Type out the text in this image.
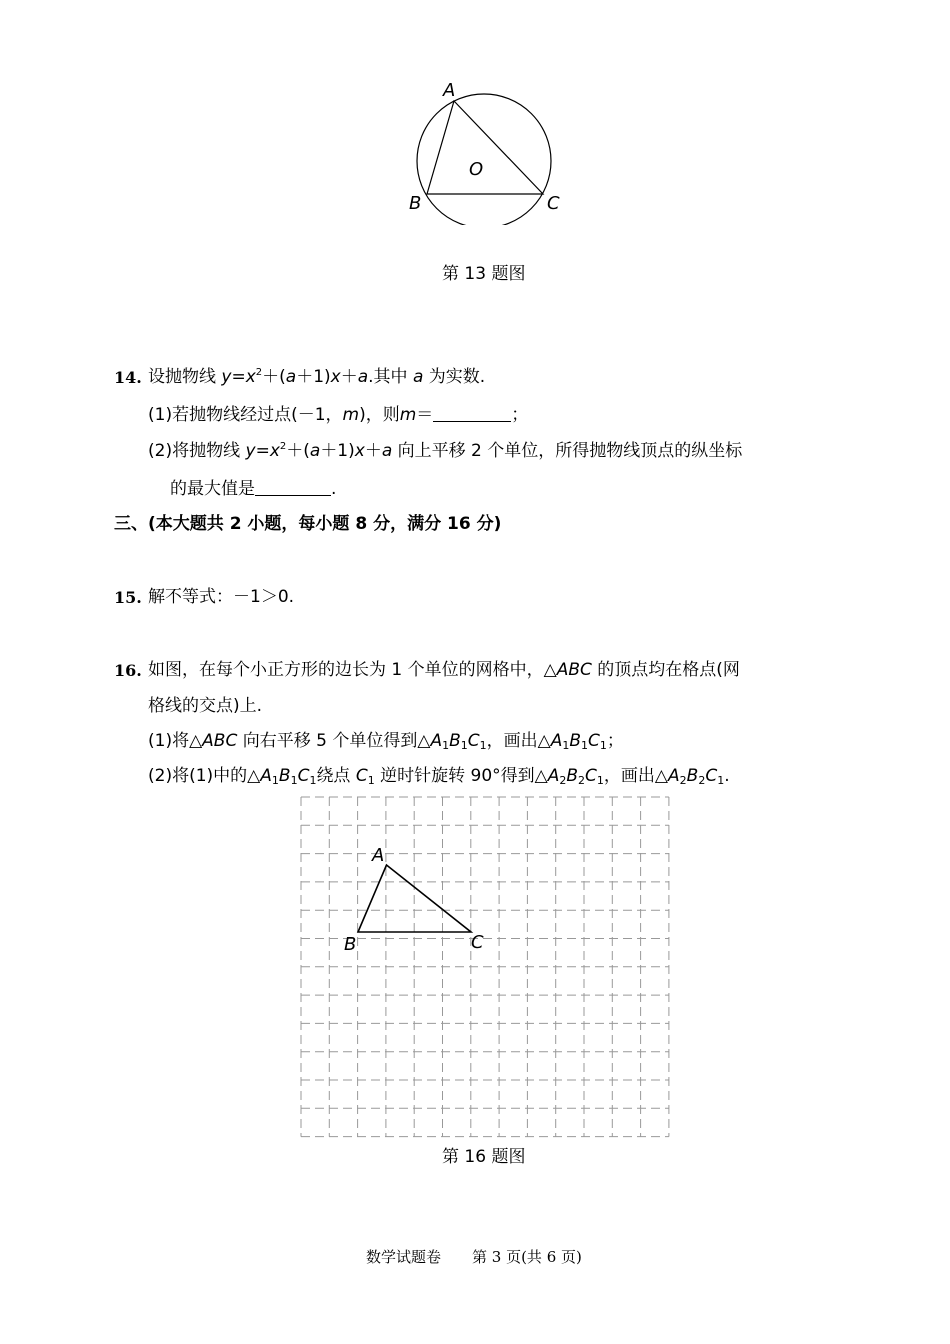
A
B	C
O
第 13 题图
14. 设抛物线 $y=x^2+(a+1)x+a$.其中 a 为实数.
(1)若抛物线经过点(－1，m)，则m＝	；
(2)将抛物线 $y=x^2+(a+1)x+a$ 向上平移 2 个单位，所得抛物线顶点的纵坐标
的最大值是	.
三、(本大题共 2 小题，每小题 8 分，满分 16 分)
15. 解不等式：－1＞0.
16. 如图，在每个小正方形的边长为 1 个单位的网格中，△ABC 的顶点均在格点(网
格线的交点)上.
(1)将△ABC 向右平移 5 个单位得到$\triangle A_1B_1C_1$，画出$\triangle A_1B_1C_1$；
(2)将(1)中的$\triangle A_1B_1C_1$绕点 $C_1$ 逆时针旋转 90°得到$\triangle A_2B_2C_1$，画出$\triangle A_2B_2C_1$.
A
B	C
第 16 题图
数学试题卷 第 3 页(共 6 页)
